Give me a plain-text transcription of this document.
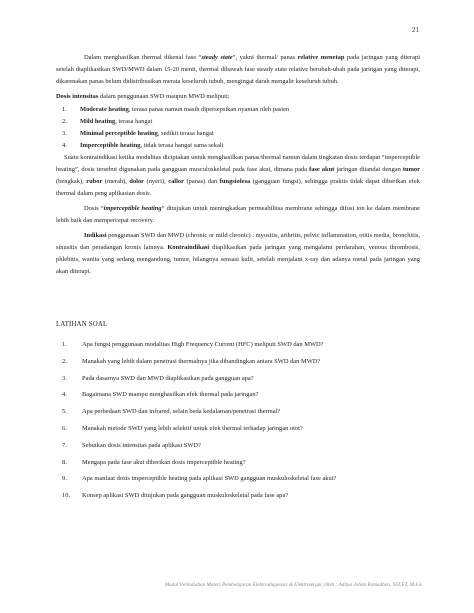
21

Dalam menghasilkan thermal dikenal fase “steady state”, yakni thermal/ panas relative menetap pada jaringan yang diterapi setelah diaplikasikan SWD/MWD dalam 15-20 menit, thermal dibawah fase steady state relative berubah-ubah pada jaringan yang diterapi, dikarenakan panas belum didistribusikan merata keseluruh tubuh, mengingat darah mengalir keseluruh tubuh.

Dosis intensitas dalam penggunaan SWD maupun MWD meliputi;

1. Moderate heating, terasa panas namun masih dipersepsikan nyaman oleh pasien
2. Mild heating, terasa hangat
3. Minimal perceptible heating, sedikit terasa hangat
4. Imperceptible heating, tidak terasa hangat sama sekali

Suatu kontraindikasi ketika modalitas diciptakan untuk menghasilkan panas/thermal namun dalam tingkatan dosis terdapat “imperceptible heating”, dosis tersebut digunakan pada gangguan musculoskeletal pada fase akut, dimana pada fase akut jaringan ditandai dengan tumor (bengkak), rubor (merah), dolor (nyeri), callor (panas) dan fungsiolesa (gangguan fungsi), sehingga praktis tidak dapat diberikan efek thermal dalam peng aplikasian dosis.

Dosis “imperceptible heating” ditujukan untuk meningkatkan permeabilitas membrane sehingga difusi ion ke dalam membrane lebih baik dan mempercepat recovery.

Indikasi penggunaan SWD dan MWD (chronic or mild chronic) : myositis, arthritis, pelvic inflammation, otitis media, bronchitis, sinusitis dan peradangan kronis lainnya. Kontraindikasi diaplikasikan pada jaringan yang mengalami perdarahan, venous thrombosis, phlebitis, wanita yang sedang mengandung, tumor, hilangnya sensasi kulit, setelah menjalani x-ray dan adanya metal pada jaringan yang akan diterapi.

LATIHAN SOAL
1. Apa fungsi penggunaan modalitas High Frequency Current (HFC) meliputi SWD dan MWD?
2. Manakah yang lebih dalam penetrasi thermalnya jika dibandingkan antara SWD dan MWD?
3. Pada dasarnya SWD dan MWD diaplikasikan pada gangguan apa?
4. Bagaimana SWD mampu menghasilkan efek thermal pada jaringan?
5. Apa perbedaan SWD dan infrared, selain beda kedalaman/penetrasi thermal?
6. Manakah metode SWD yang lebih selektif untuk efek thermal terhadap jaringan otot?
7. Sebutkan dosis intensitas pada aplikasi SWD?
8. Mengapa pada fase akut diberikan dosis imperceptible heating?
9. Apa manfaat dosis imperceptible heating pada aplikasi SWD gangguan muskuloskeletal fase akut?
10. Konsep aplikasi SWD ditujukan pada gangguan muskuloskeletal pada fase apa?
Modul Perkuliahan Materi Pembelajaran Elektrodiagnosis & Elektroterapi_Oleh : Aditya Johan Romadhon, SST.FT, M.Fis
